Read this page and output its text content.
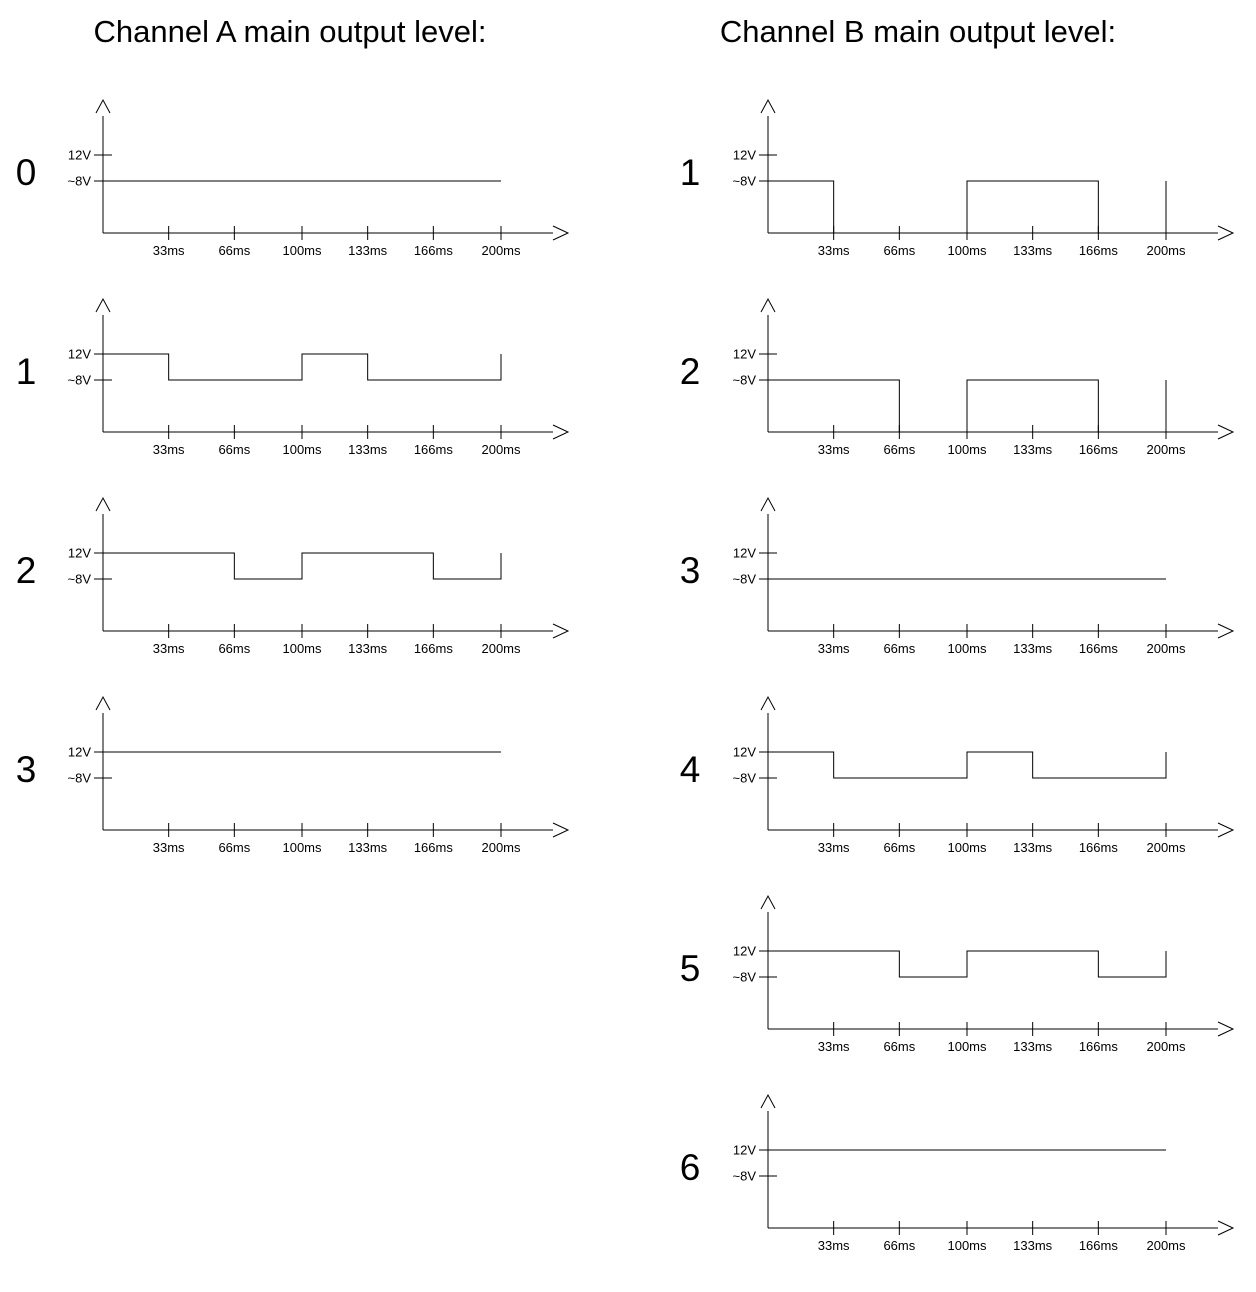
Channel A main output level:
0	12V
~8V
33ms	66ms 100ms 133ms 166ms 200ms
1	12V
~8V
33ms	66ms 100ms 133ms 166ms 200ms
2	12V
~8V
33ms	66ms 100ms 133ms 166ms 200ms
3	12V
~8V
33ms	66ms 100ms 133ms 166ms 200ms
Channel B main output level:
1	12V
~8V
33ms	66ms 100ms 133ms 166ms 200ms
2	12V
~8V
33ms	66ms 100ms 133ms 166ms 200ms
3	12V
~8V
33ms	66ms 100ms 133ms 166ms 200ms
4	12V
~8V
33ms	66ms 100ms 133ms 166ms 200ms
5	12V
~8V
33ms	66ms 100ms 133ms 166ms 200ms
6	12V
~8V
33ms	66ms 100ms 133ms 166ms 200ms
